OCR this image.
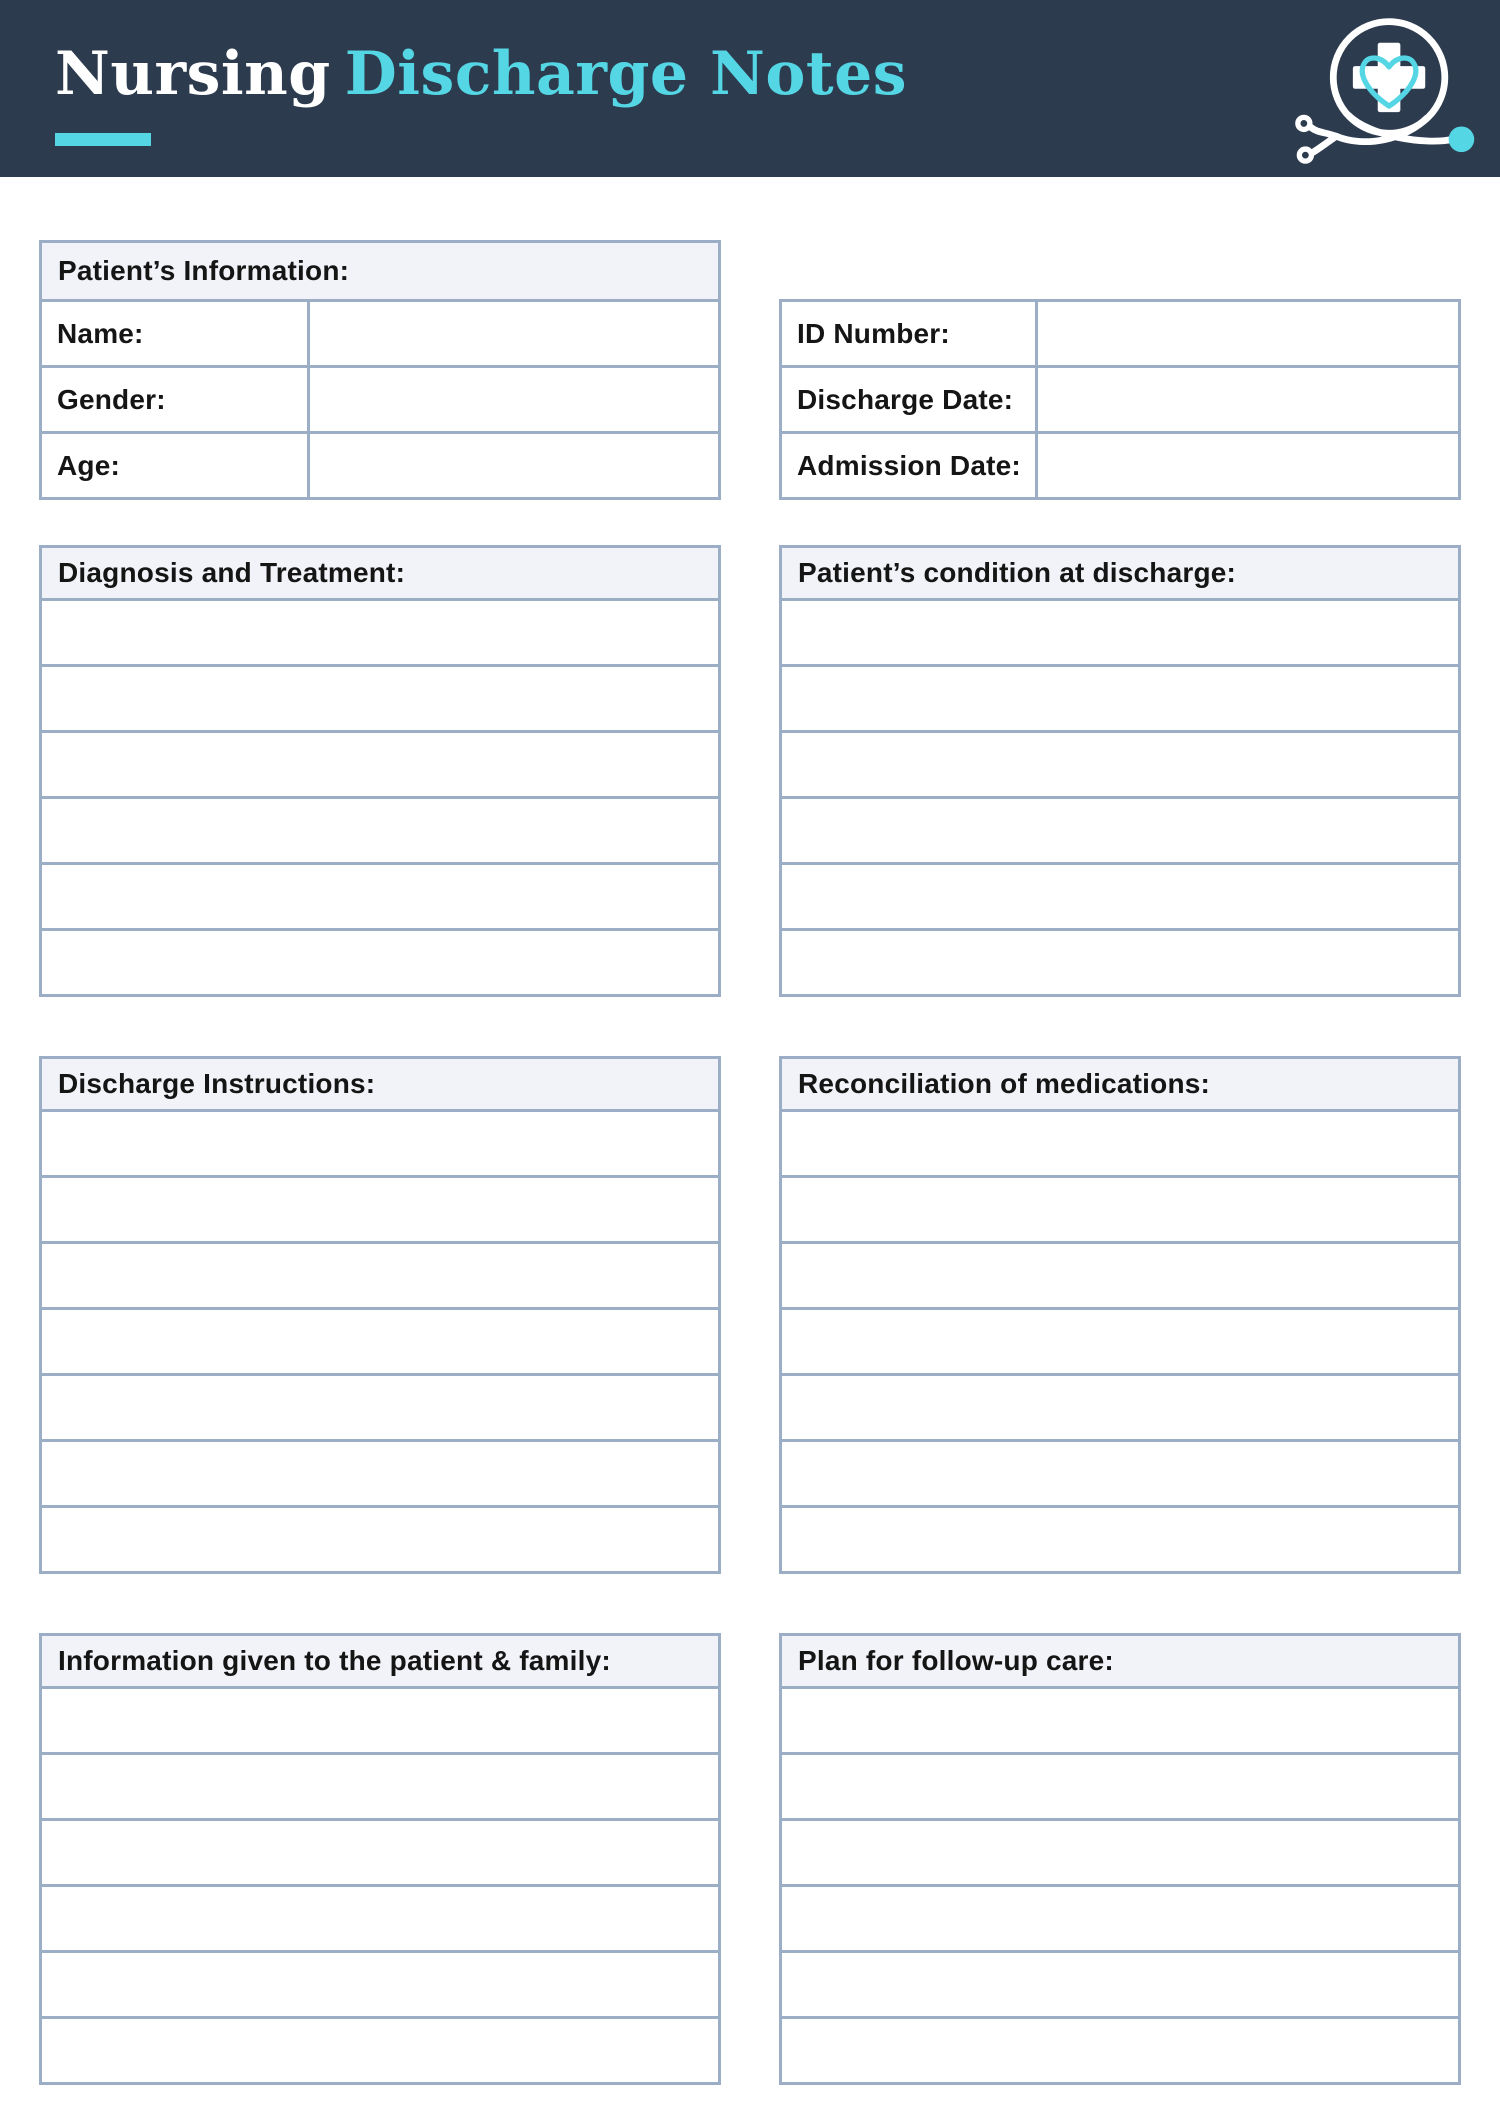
Nursing Discharge Notes
Patient’s Information:
Name:
Gender:
Age:
ID Number:
Discharge Date:
Admission Date:
Diagnosis and Treatment:	Patient’s condition at discharge:
Discharge Instructions:	Reconciliation of medications:
Information given to the patient & family:	Plan for follow-up care:
